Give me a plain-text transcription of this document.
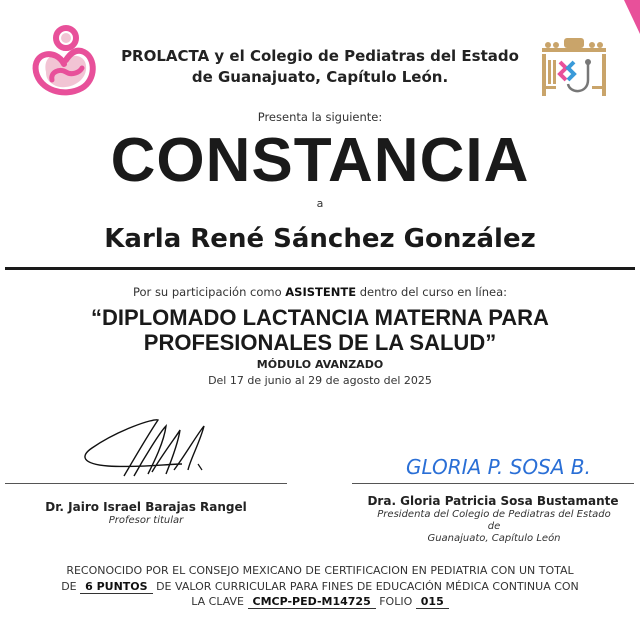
PROLACTA y el Colegio de Pediatras del Estado
de Guanajuato, Capítulo León.
Presenta la siguiente:
CONSTANCIA
a
Karla René Sánchez González
Por su participación como ASISTENTE dentro del curso en línea:
“DIPLOMADO LACTANCIA MATERNA PARA
PROFESIONALES DE LA SALUD”
MÓDULO AVANZADO
Del 17 de junio al 29 de agosto del 2025
Dr. Jairo Israel Barajas Rangel
Profesor titular
GLORIA P. SOSA B.
Dra. Gloria Patricia Sosa Bustamante
Presidenta del Colegio de Pediatras del Estado de
Guanajuato, Capítulo León
RECONOCIDO POR EL CONSEJO MEXICANO DE CERTIFICACION EN PEDIATRIA CON UN TOTAL
DE 6 PUNTOS DE VALOR CURRICULAR PARA FINES DE EDUCACIÓN MÉDICA CONTINUA CON
LA CLAVE CMCP-PED-M14725 FOLIO 015
